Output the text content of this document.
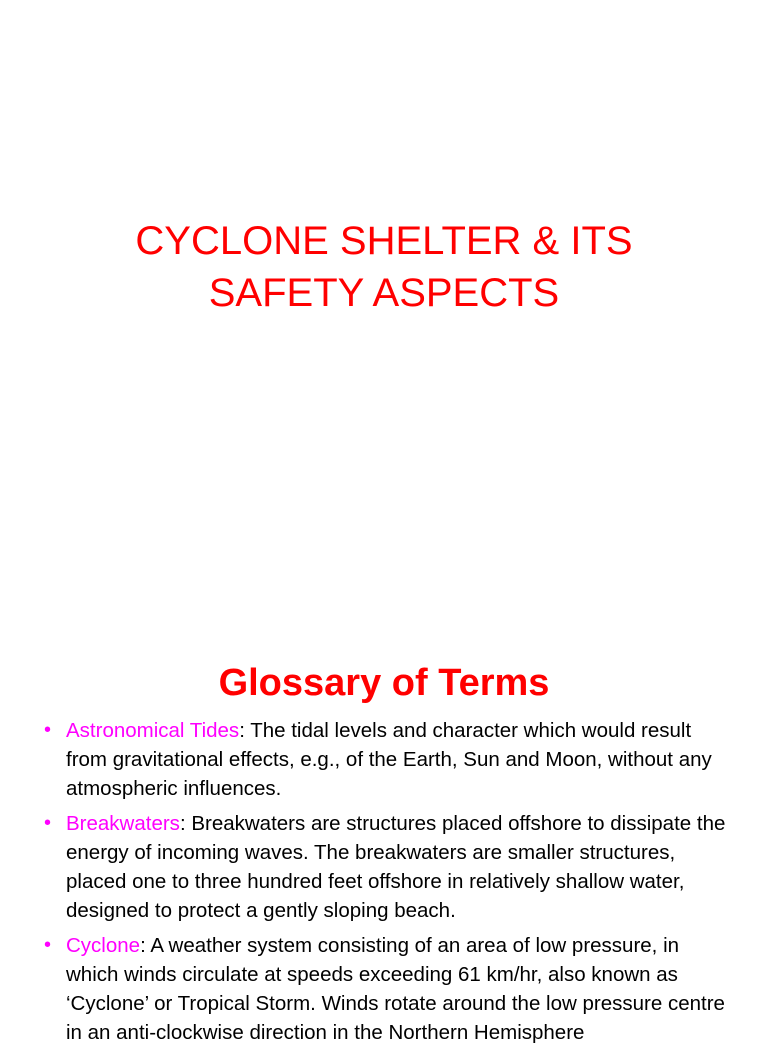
CYCLONE SHELTER & ITS
SAFETY ASPECTS
Glossary of Terms
• Astronomical Tides: The tidal levels and character which would result from gravitational effects, e.g., of the Earth, Sun and Moon, without any atmospheric influences.
• Breakwaters: Breakwaters are structures placed offshore to dissipate the energy of incoming waves. The breakwaters are smaller structures, placed one to three hundred feet offshore in relatively shallow water, designed to protect a gently sloping beach.
• Cyclone: A weather system consisting of an area of low pressure, in which winds circulate at speeds exceeding 61 km/hr, also known as ‘Cyclone’ or Tropical Storm. Winds rotate around the low pressure centre in an anti-clockwise direction in the Northern Hemisphere
